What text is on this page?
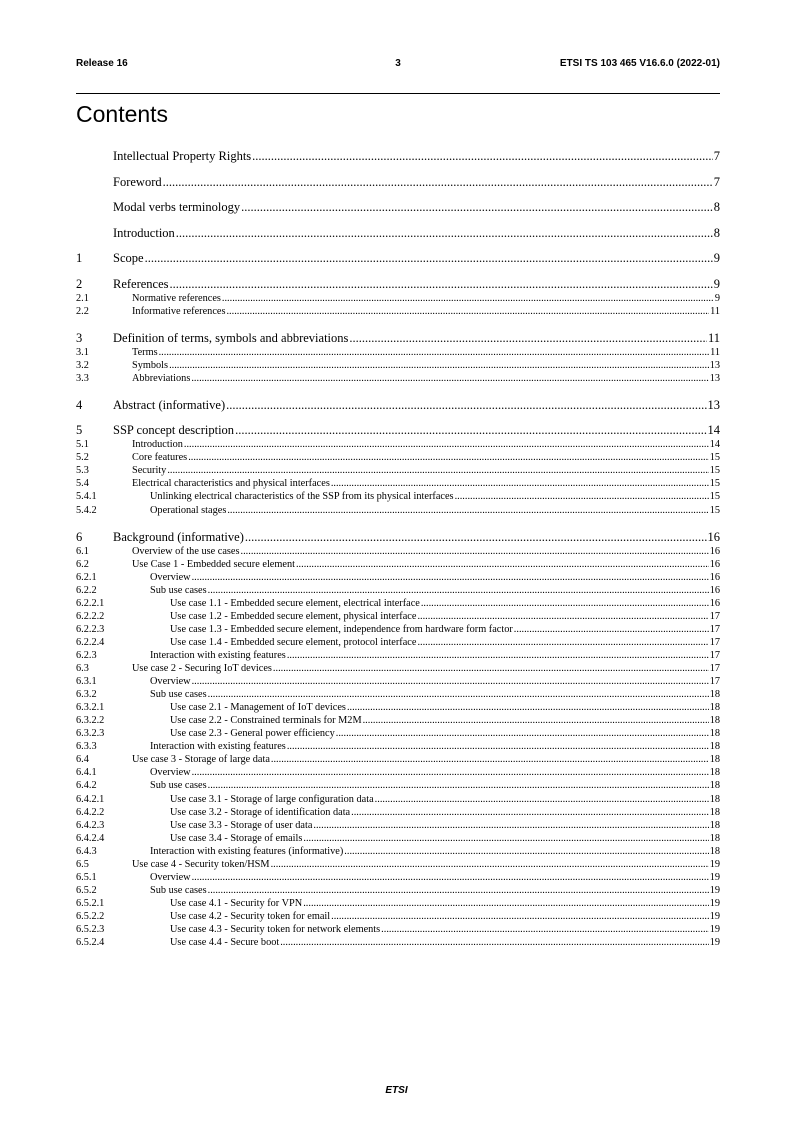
Release 16	3	ETSI TS 103 465 V16.6.0 (2022-01)
Contents
Intellectual Property Rights .....	7
Foreword .....	7
Modal verbs terminology .....	8
Introduction .....	8
1	Scope .....	9
2	References .....	9
2.1	Normative references .....	9
2.2	Informative references .....	11
3	Definition of terms, symbols and abbreviations .....	11
3.1	Terms .....	11
3.2	Symbols .....	13
3.3	Abbreviations .....	13
4	Abstract (informative) .....	13
5	SSP concept description .....	14
5.1	Introduction .....	14
5.2	Core features .....	15
5.3	Security .....	15
5.4	Electrical characteristics and physical interfaces .....	15
5.4.1	Unlinking electrical characteristics of the SSP from its physical interfaces .....	15
5.4.2	Operational stages .....	15
6	Background (informative) .....	16
6.1	Overview of the use cases .....	16
6.2	Use Case 1 - Embedded secure element .....	16
6.2.1	Overview .....	16
6.2.2	Sub use cases .....	16
6.2.2.1	Use case 1.1 - Embedded secure element, electrical interface .....	16
6.2.2.2	Use case 1.2 - Embedded secure element, physical interface .....	17
6.2.2.3	Use case 1.3 - Embedded secure element, independence from hardware form factor .....	17
6.2.2.4	Use case 1.4 - Embedded secure element, protocol interface .....	17
6.2.3	Interaction with existing features .....	17
6.3	Use case 2 - Securing IoT devices .....	17
6.3.1	Overview .....	17
6.3.2	Sub use cases .....	18
6.3.2.1	Use case 2.1 - Management of IoT devices .....	18
6.3.2.2	Use case 2.2 - Constrained terminals for M2M .....	18
6.3.2.3	Use case 2.3 - General power efficiency .....	18
6.3.3	Interaction with existing features .....	18
6.4	Use case 3 - Storage of large data .....	18
6.4.1	Overview .....	18
6.4.2	Sub use cases .....	18
6.4.2.1	Use case 3.1 - Storage of large configuration data .....	18
6.4.2.2	Use case 3.2 - Storage of identification data .....	18
6.4.2.3	Use case 3.3 - Storage of user data .....	18
6.4.2.4	Use case 3.4 - Storage of emails .....	18
6.4.3	Interaction with existing features (informative) .....	18
6.5	Use case 4 - Security token/HSM .....	19
6.5.1	Overview .....	19
6.5.2	Sub use cases .....	19
6.5.2.1	Use case 4.1 - Security for VPN .....	19
6.5.2.2	Use case 4.2 - Security token for email .....	19
6.5.2.3	Use case 4.3 - Security token for network elements .....	19
6.5.2.4	Use case 4.4 - Secure boot .....	19
ETSI
